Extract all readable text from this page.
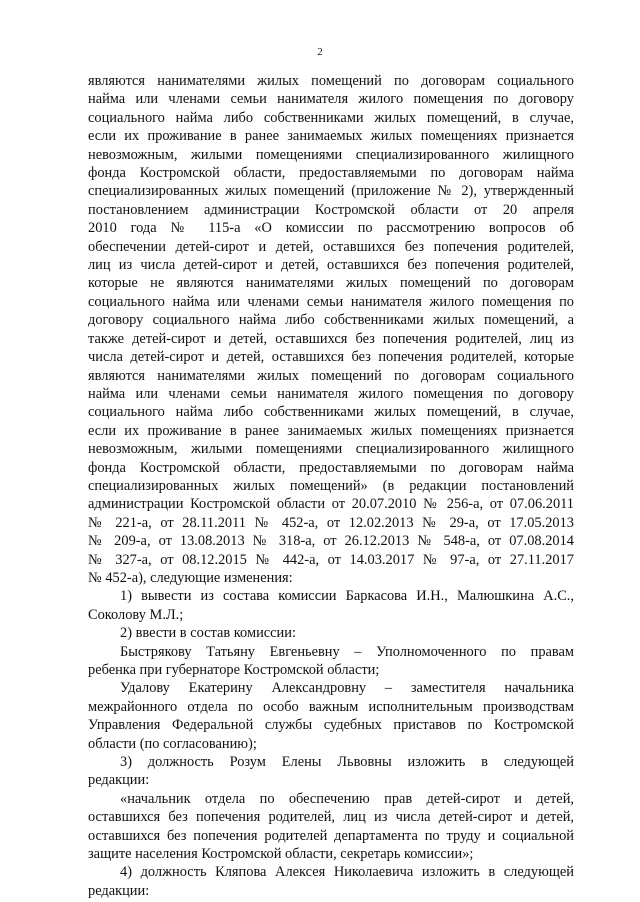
2
являются нанимателями жилых помещений по договорам социального
найма или членами семьи нанимателя жилого помещения по договору
социального найма либо собственниками жилых помещений, в случае,
если их проживание в ранее занимаемых жилых помещениях признается
невозможным, жилыми помещениями специализированного жилищного
фонда Костромской области, предоставляемыми по договорам найма
специализированных жилых помещений (приложение № 2), утвержденный
постановлением администрации Костромской области от 20 апреля
2010 года № 115-а «О комиссии по рассмотрению вопросов об
обеспечении детей-сирот и детей, оставшихся без попечения родителей,
лиц из числа детей-сирот и детей, оставшихся без попечения родителей,
которые не являются нанимателями жилых помещений по договорам
социального найма или членами семьи нанимателя жилого помещения по
договору социального найма либо собственниками жилых помещений, а
также детей-сирот и детей, оставшихся без попечения родителей, лиц из
числа детей-сирот и детей, оставшихся без попечения родителей, которые
являются нанимателями жилых помещений по договорам социального
найма или членами семьи нанимателя жилого помещения по договору
социального найма либо собственниками жилых помещений, в случае,
если их проживание в ранее занимаемых жилых помещениях признается
невозможным, жилыми помещениями специализированного жилищного
фонда Костромской области, предоставляемыми по договорам найма
специализированных жилых помещений» (в редакции постановлений
администрации Костромской области от 20.07.2010 № 256-а, от 07.06.2011
№ 221-а, от 28.11.2011 № 452-а, от 12.02.2013 № 29-а, от 17.05.2013
№ 209-а, от 13.08.2013 № 318-а, от 26.12.2013 № 548-а, от 07.08.2014
№ 327-а, от 08.12.2015 № 442-а, от 14.03.2017 № 97-а, от 27.11.2017
№ 452-а), следующие изменения:
1) вывести из состава комиссии Баркасова И.Н., Малюшкина А.С.,
Соколову М.Л.;
2) ввести в состав комиссии:
Быстрякову Татьяну Евгеньевну – Уполномоченного по правам
ребенка при губернаторе Костромской области;
Удалову Екатерину Александровну – заместителя начальника
межрайонного отдела по особо важным исполнительным производствам
Управления Федеральной службы судебных приставов по Костромской
области (по согласованию);
3) должность Розум Елены Львовны изложить в следующей
редакции:
«начальник отдела по обеспечению прав детей-сирот и детей,
оставшихся без попечения родителей, лиц из числа детей-сирот и детей,
оставшихся без попечения родителей департамента по труду и социальной
защите населения Костромской области, секретарь комиссии»;
4) должность Кляпова Алексея Николаевича изложить в следующей
редакции:
